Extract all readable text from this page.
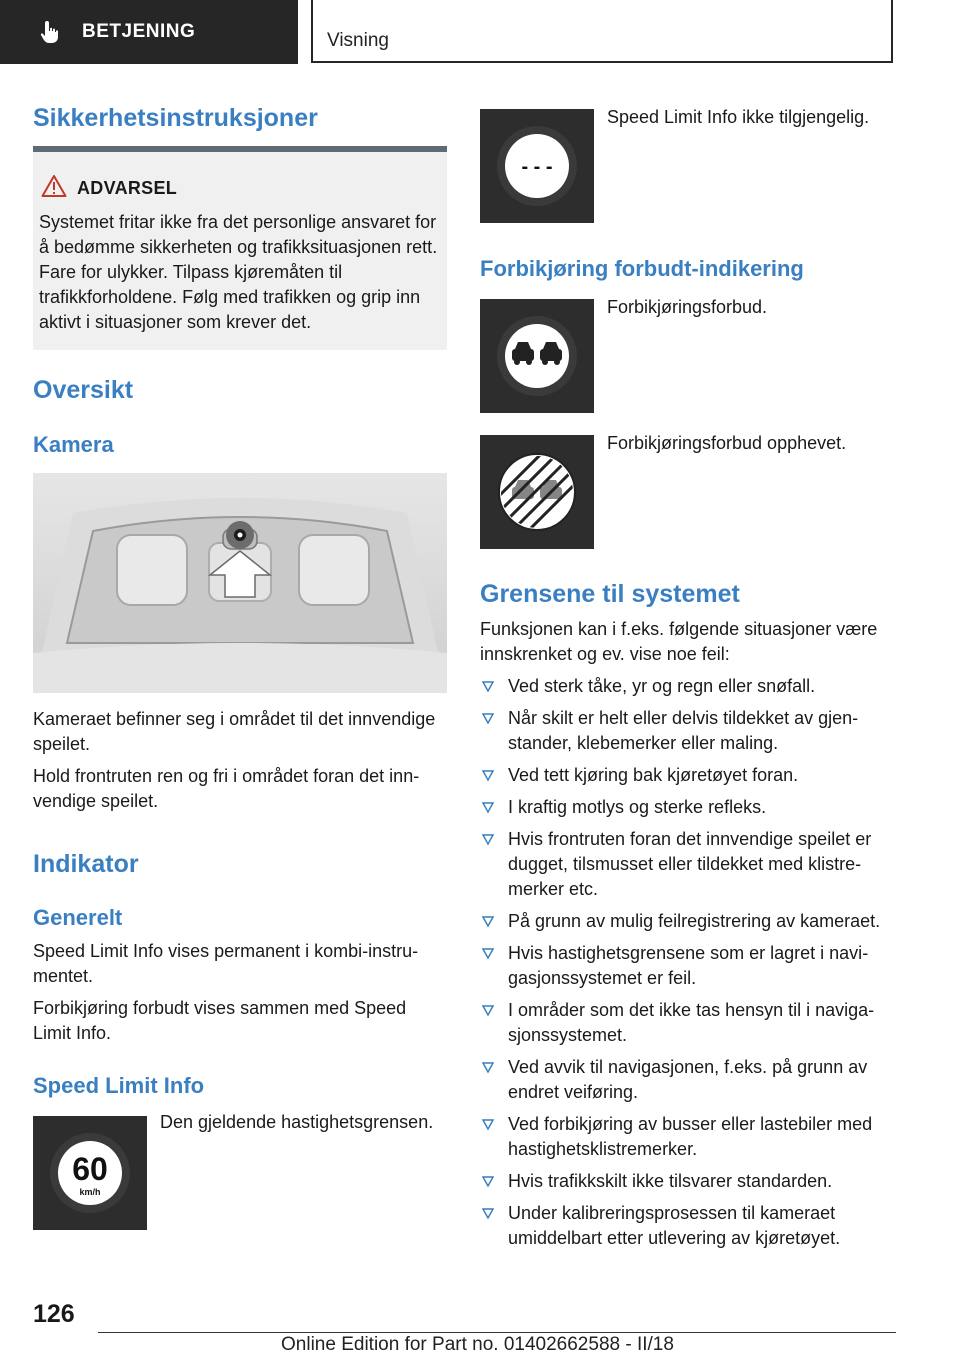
BETJENING	Visning
Sikkerhetsinstruksjoner
ADVARSEL
Systemet fritar ikke fra det personlige ansvaret for å bedømme sikkerheten og trafikksituasjonen rett. Fare for ulykker. Tilpass kjøremåten til trafikkforholdene. Følg med trafikken og grip inn aktivt i situasjoner som krever det.
Oversikt
Kamera

Kameraet befinner seg i området til det innvendige speilet.

Hold frontruten ren og fri i området foran det innvendige speilet.

Indikator
Generelt

Speed Limit Info vises permanent i kombi-instrumentet.

Forbikjøring forbudt vises sammen med Speed Limit Info.

Speed Limit Info
60
km/h

Den gjeldende hastighetsgrensen.

- - -

Speed Limit Info ikke tilgjengelig.

Forbikjøring forbudt-indikering

Forbikjøringsforbud.

Forbikjøringsforbud opphevet.

Grensene til systemet

Funksjonen kan i f.eks. følgende situasjoner være innskrenket og ev. vise noe feil:

Ved sterk tåke, yr og regn eller snøfall.
Når skilt er helt eller delvis tildekket av gjenstander, klebemerker eller maling.
Ved tett kjøring bak kjøretøyet foran.
I kraftig motlys og sterke refleks.
Hvis frontruten foran det innvendige speilet er dugget, tilsmusset eller tildekket med klistremerker etc.
På grunn av mulig feilregistrering av kameraet.
Hvis hastighetsgrensene som er lagret i navigasjonssystemet er feil.
I områder som det ikke tas hensyn til i navigasjonssystemet.
Ved avvik til navigasjonen, f.eks. på grunn av endret veiføring.
Ved forbikjøring av busser eller lastebiler med hastighetsklistremerker.
Hvis trafikkskilt ikke tilsvarer standarden.
Under kalibreringsprosessen til kameraet umiddelbart etter utlevering av kjøretøyet.
126
Online Edition for Part no. 01402662588 - II/18
